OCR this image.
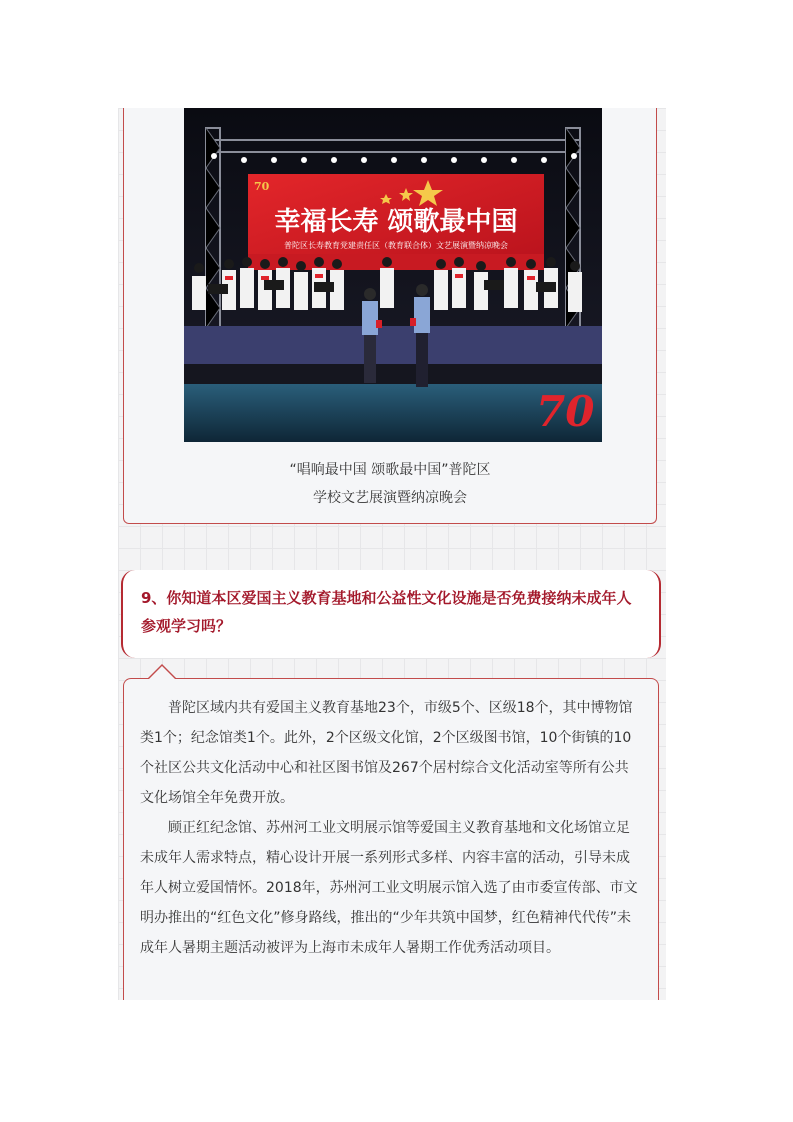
70
幸福长寿 颂歌最中国
普陀区长寿教育党建责任区（教育联合体）文艺展演暨纳凉晚会
70
“唱响最中国 颂歌最中国”普陀区
学校文艺展演暨纳凉晚会
9、你知道本区爱国主义教育基地和公益性文化设施是否免费接纳未成年人参观学习吗？

普陀区域内共有爱国主义教育基地23个，市级5个、区级18个，其中博物馆类1个；纪念馆类1个。此外，2个区级文化馆，2个区级图书馆，10个街镇的10个社区公共文化活动中心和社区图书馆及267个居村综合文化活动室等所有公共文化场馆全年免费开放。

顾正红纪念馆、苏州河工业文明展示馆等爱国主义教育基地和文化场馆立足未成年人需求特点，精心设计开展一系列形式多样、内容丰富的活动，引导未成年人树立爱国情怀。2018年，苏州河工业文明展示馆入选了由市委宣传部、市文明办推出的“红色文化”修身路线，推出的“少年共筑中国梦，红色精神代代传”未成年人暑期主题活动被评为上海市未成年人暑期工作优秀活动项目。
